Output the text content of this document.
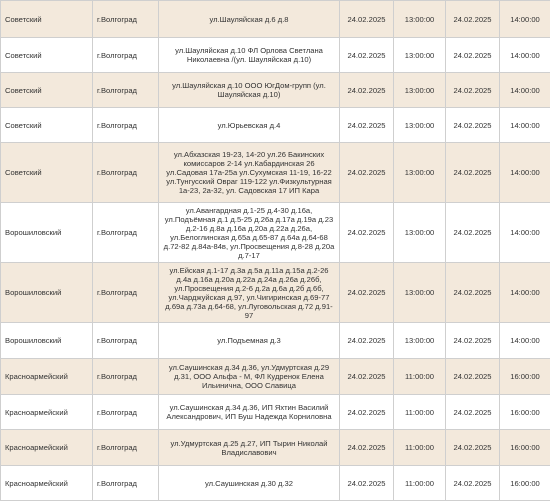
Советский	г.Волгоград	ул.Шауляйская д.6 д.8	24.02.2025	13:00:00	24.02.2025	14:00:00
Советский	г.Волгоград	ул.Шауляйская д.10 ФЛ Орлова Светлана Николаевна /(ул. Шауляйская д.10)	24.02.2025	13:00:00	24.02.2025	14:00:00
Советский	г.Волгоград	ул.Шауляйская д.10 ООО ЮгДом-групп (ул. Шауляйская д.10)	24.02.2025	13:00:00	24.02.2025	14:00:00
Советский	г.Волгоград	ул.Юрьевская д.4	24.02.2025	13:00:00	24.02.2025	14:00:00
Советский	г.Волгоград	ул.Абхазская 19-23, 14-20 ул.26 Бакинских комиссаров 2-14 ул.Кабардинская 26 ул.Садовая 17а-25а ул.Сухумская 11-19, 16-22 ул.Тунгусский Овраг 119-122 ул.Физкультурная 1а-23, 2а-32, ул. Садовская 17 ИП Кара	24.02.2025	13:00:00	24.02.2025	14:00:00
Ворошиловский	г.Волгоград	ул.Авангардная д.1-25 д.4-30 д.16а, ул.Подъёмная д.1 д.5-25 д.26а д.17а д.19а д.23 д.2-16 д.8а д.16а д.20а д.22а д.26а, ул.Белоглинская д.65а д.65-87 д.64а д.64-68 д.72-82 д.84а-84в, ул.Просвещения д.8-28 д.20а д.7-17	24.02.2025	13:00:00	24.02.2025	14:00:00
Ворошиловский	г.Волгоград	ул.Ейская д.1-17 д.3а д.5а д.11а д.15а д.2-26 д.4а д.16а д.20а д.22а д.24а д.26а д.26б, ул.Просвещения д.2-6 д.2а д.6а д.2б д.6б, ул.Чарджуйская д.97, ул.Чигиринская д.69-77 д.69а д.73а д.64-68, ул.Луговольская д.72 д.91-97	24.02.2025	13:00:00	24.02.2025	14:00:00
Ворошиловский	г.Волгоград	ул.Подъемная д.3	24.02.2025	13:00:00	24.02.2025	14:00:00
Красноармейский	г.Волгоград	ул.Саушинская д.34 д.36, ул.Удмуртская д.29 д.31, ООО Альфа - М, ФЛ Кудренок Елена Ильинична, ООО Славица	24.02.2025	11:00:00	24.02.2025	16:00:00
Красноармейский	г.Волгоград	ул.Саушинская д.34 д.36, ИП Яхтин Василий Александрович, ИП Буш Надежда Корниловна	24.02.2025	11:00:00	24.02.2025	16:00:00
Красноармейский	г.Волгоград	ул.Удмуртская д.25 д.27, ИП Тырин Николай Владиславович	24.02.2025	11:00:00	24.02.2025	16:00:00
Красноармейский	г.Волгоград	ул.Саушинская д.30 д.32	24.02.2025	11:00:00	24.02.2025	16:00:00
